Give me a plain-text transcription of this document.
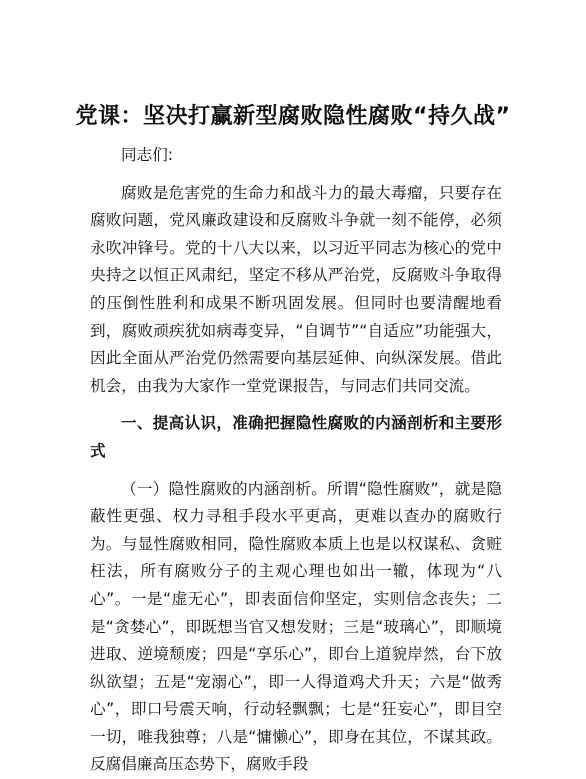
党课：坚决打赢新型腐败隐性腐败“持久战”

同志们:

腐败是危害党的生命力和战斗力的最大毒瘤，只要存在腐败问题，党风廉政建设和反腐败斗争就一刻不能停，必须永吹冲锋号。党的十八大以来，以习近平同志为核心的党中央持之以恒正风肃纪，坚定不移从严治党，反腐败斗争取得的压倒性胜利和成果不断巩固发展。但同时也要清醒地看到，腐败顽疾犹如病毒变异，“自调节”“自适应”功能强大，因此全面从严治党仍然需要向基层延伸、向纵深发展。借此机会，由我为大家作一堂党课报告，与同志们共同交流。

一、提高认识，准确把握隐性腐败的内涵剖析和主要形式

（一）隐性腐败的内涵剖析。所谓“隐性腐败”，就是隐蔽性更强、权力寻租手段水平更高，更难以查办的腐败行为。与显性腐败相同，隐性腐败本质上也是以权谋私、贪赃枉法，所有腐败分子的主观心理也如出一辙，体现为“八心”。一是“虚无心”，即表面信仰坚定，实则信念丧失；二是“贪婪心”，即既想当官又想发财；三是“玻璃心”，即顺境进取、逆境颓废；四是“享乐心”，即台上道貌岸然，台下放纵欲望；五是“宠溺心”，即一人得道鸡犬升天；六是“做秀心”，即口号震天响，行动轻飘飘；七是“狂妄心”，即目空一切，唯我独尊；八是“慵懒心”，即身在其位，不谋其政。反腐倡廉高压态势下，腐败手段
